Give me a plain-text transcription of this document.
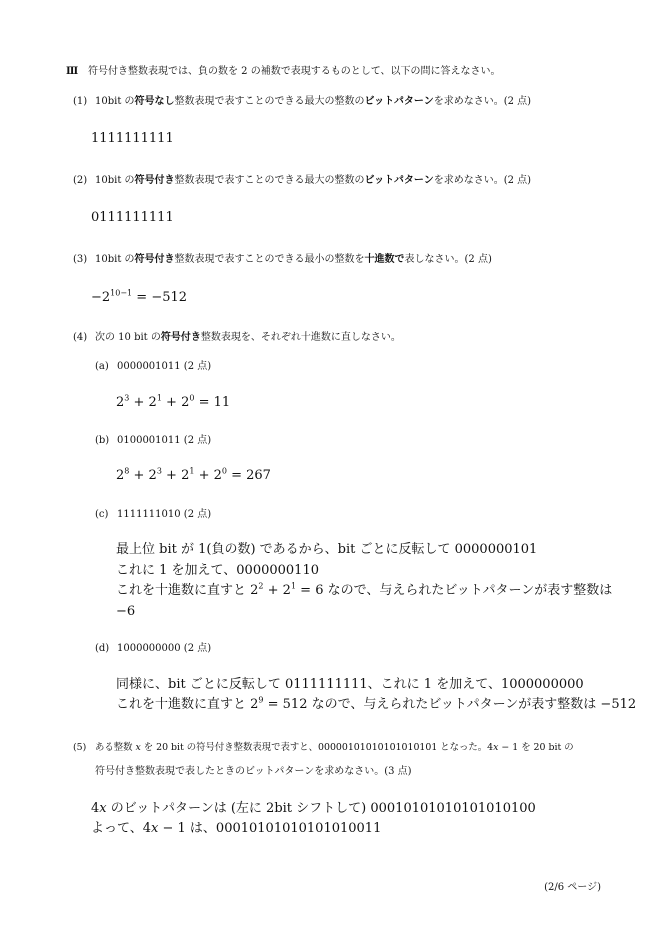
Ⅲ 符号付き整数表現では、負の数を 2 の補数で表現するものとして、以下の問に答えなさい。
(1) 10bit の符号なし整数表現で表すことのできる最大の整数のビットパターンを求めなさい。(2 点)
1111111111
(2) 10bit の符号付き整数表現で表すことのできる最大の整数のビットパターンを求めなさい。(2 点)
0111111111
(3) 10bit の符号付き整数表現で表すことのできる最小の整数を十進数で表しなさい。(2 点)
$-2^{10-1} = -512$
(4) 次の 10 bit の符号付き整数表現を、それぞれ十進数に直しなさい。
(a) 0000001011 (2 点)
$2^3 + 2^1 + 2^0 = 11$
(b) 0100001011 (2 点)
$2^8 + 2^3 + 2^1 + 2^0 = 267$
(c) 1111111010 (2 点)
最上位 bit が 1(負の数) であるから、bit ごとに反転して 0000000101
これに 1 を加えて、0000000110
これを十進数に直すと $2^2 + 2^1 = 6$ なので、与えられたビットパターンが表す整数は
−6
(d) 1000000000 (2 点)
同様に、bit ごとに反転して 0111111111、これに 1 を加えて、1000000000
これを十進数に直すと $2^9 = 512$ なので、与えられたビットパターンが表す整数は −512
(5) ある整数 x を 20 bit の符号付き整数表現で表すと、00000101010101010101 となった。4x − 1 を 20 bit の
符号付き整数表現で表したときのビットパターンを求めなさい。(3 点)
4x のビットパターンは (左に 2bit シフトして) 00010101010101010100
よって、4x − 1 は、00010101010101010011
(2/6 ページ)
